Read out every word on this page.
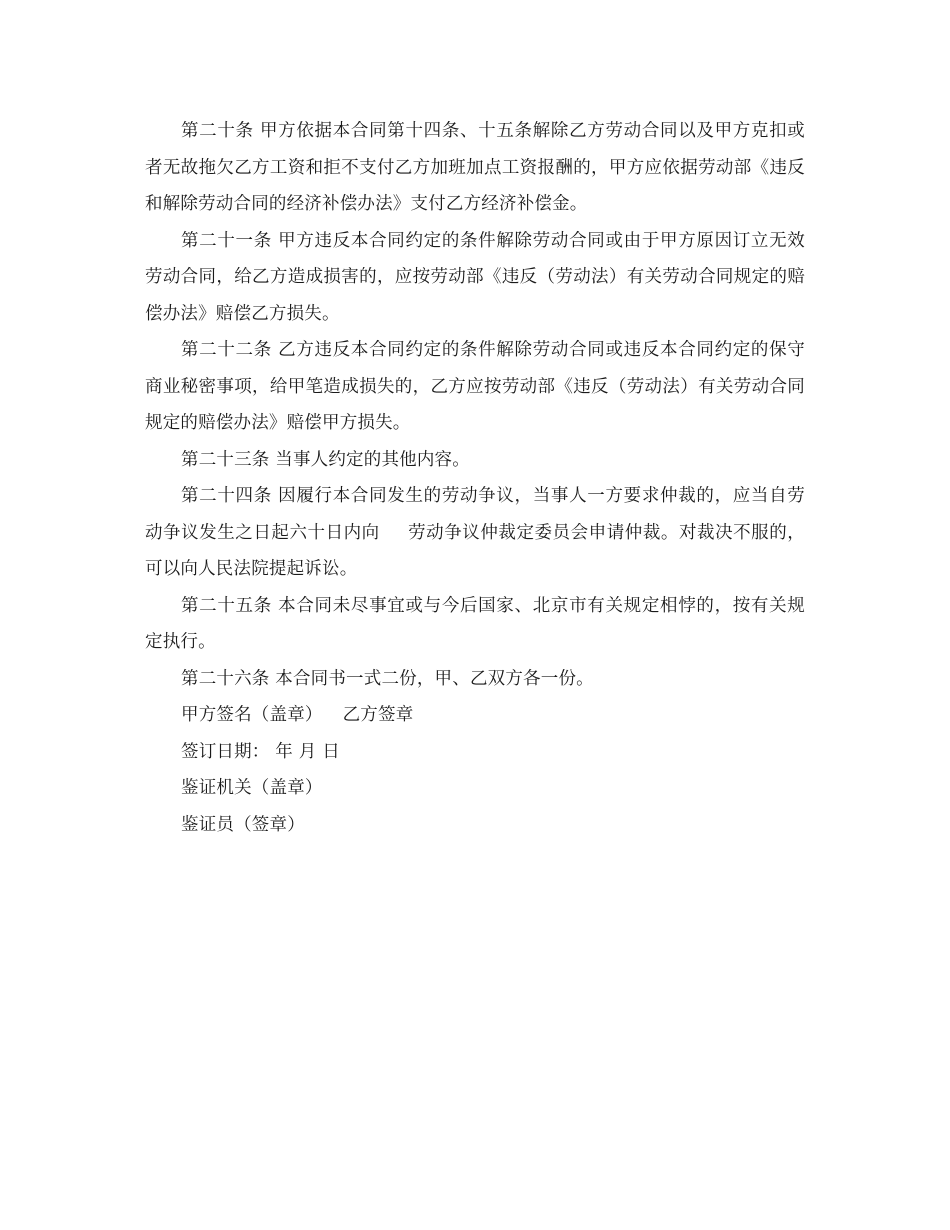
第二十条 甲方依据本合同第十四条、十五条解除乙方劳动合同以及甲方克扣或者无故拖欠乙方工资和拒不支付乙方加班加点工资报酬的，甲方应依据劳动部《违反和解除劳动合同的经济补偿办法》支付乙方经济补偿金。

第二十一条 甲方违反本合同约定的条件解除劳动合同或由于甲方原因订立无效劳动合同，给乙方造成损害的，应按劳动部《违反（劳动法）有关劳动合同规定的赔偿办法》赔偿乙方损失。

第二十二条 乙方违反本合同约定的条件解除劳动合同或违反本合同约定的保守商业秘密事项，给甲笔造成损失的，乙方应按劳动部《违反（劳动法）有关劳动合同规定的赔偿办法》赔偿甲方损失。

第二十三条 当事人约定的其他内容。

第二十四条 因履行本合同发生的劳动争议，当事人一方要求仲裁的，应当自劳动争议发生之日起六十日内向 劳动争议仲裁定委员会申请仲裁。对裁决不服的，可以向人民法院提起诉讼。

第二十五条 本合同未尽事宜或与今后国家、北京市有关规定相悖的，按有关规定执行。

第二十六条 本合同书一式二份，甲、乙双方各一份。

甲方签名（盖章） 乙方签章

签订日期： 年 月 日

鉴证机关（盖章）

鉴证员（签章）
